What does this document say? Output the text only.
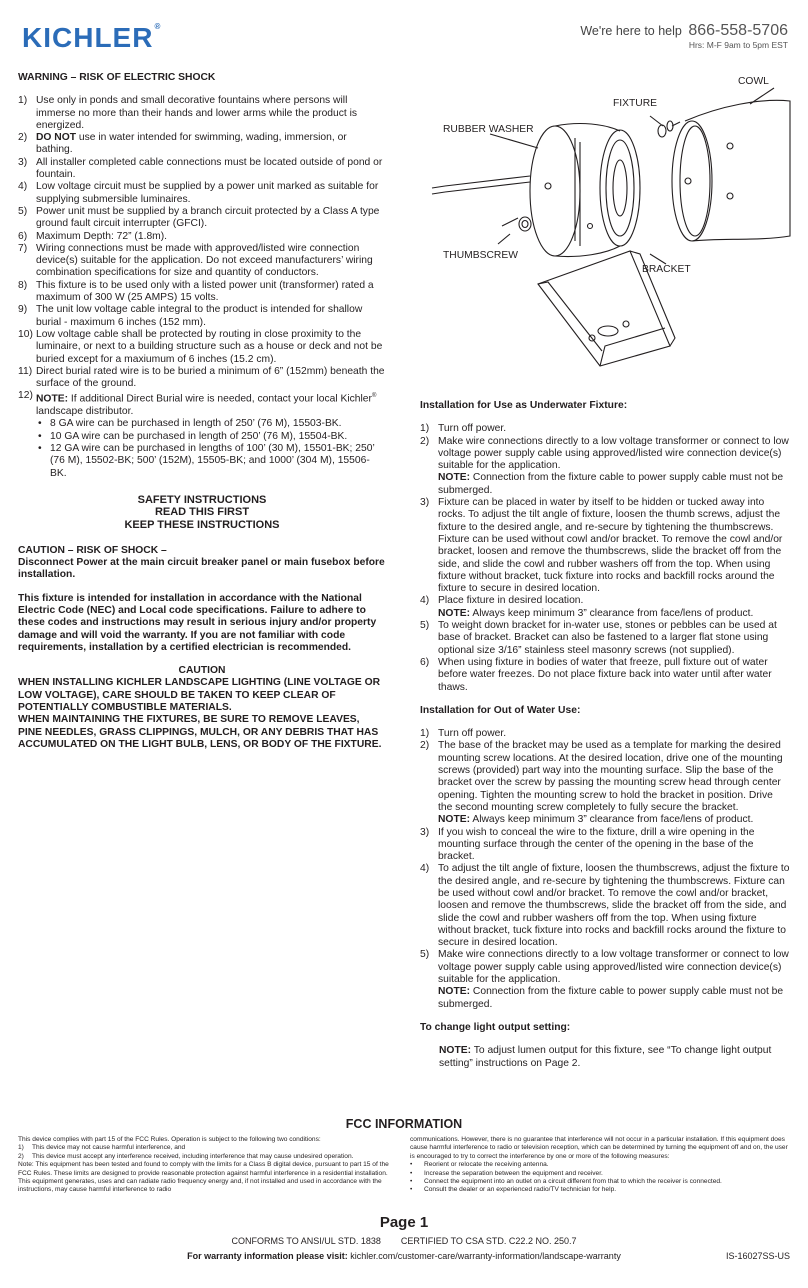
KICHLER®	We're here to help 866-558-5706
Hrs: M-F 9am to 5pm EST
WARNING – RISK OF ELECTRIC SHOCK
1) Use only in ponds and small decorative fountains where persons will immerse no more than their hands and lower arms while the product is energized.
2) DO NOT use in water intended for swimming, wading, immersion, or bathing.
3) All installer completed cable connections must be located outside of pond or fountain.
4) Low voltage circuit must be supplied by a power unit marked as suitable for supplying submersible luminaires.
5) Power unit must be supplied by a branch circuit protected by a Class A type ground fault circuit interrupter (GFCI).
6) Maximum Depth: 72” (1.8m).
7) Wiring connections must be made with approved/listed wire connection device(s) suitable for the application. Do not exceed manufacturers’ wiring combination specifications for size and quantity of conductors.
8) This fixture is to be used only with a listed power unit (transformer) rated a maximum of 300 W (25 AMPS) 15 volts.
9) The unit low voltage cable integral to the product is intended for shallow burial - maximum 6 inches (152 mm).
10) Low voltage cable shall be protected by routing in close proximity to the luminaire, or next to a building structure such as a house or deck and not be buried except for a maxiumum of 6 inches (15.2 cm).
11) Direct burial rated wire is to be buried a minimum of 6” (152mm) beneath the surface of the ground.
12) NOTE: If additional Direct Burial wire is needed, contact your local Kichler® landscape distributor.
• 8 GA wire can be purchased in length of 250’ (76 M), 15503-BK.
• 10 GA wire can be purchased in length of 250’ (76 M), 15504-BK.
• 12 GA wire can be purchased in lengths of 100’ (30 M), 15501-BK; 250’ (76 M), 15502-BK; 500’ (152M), 15505-BK; and 1000’ (304 M), 15506-BK.
SAFETY INSTRUCTIONS
READ THIS FIRST
KEEP THESE INSTRUCTIONS
CAUTION – RISK OF SHOCK –
Disconnect Power at the main circuit breaker panel or main fusebox before installation.
This fixture is intended for installation in accordance with the National Electric Code (NEC) and Local code specifications. Failure to adhere to these codes and instructions may result in serious injury and/or property damage and will void the warranty. If you are not familiar with code requirements, installation by a certified electrician is recommended.
CAUTION
WHEN INSTALLING KICHLER LANDSCAPE LIGHTING (LINE VOLTAGE OR LOW VOLTAGE), CARE SHOULD BE TAKEN TO KEEP CLEAR OF POTENTIALLY COMBUSTIBLE MATERIALS.
WHEN MAINTAINING THE FIXTURES, BE SURE TO REMOVE LEAVES, PINE NEEDLES, GRASS CLIPPINGS, MULCH, OR ANY DEBRIS THAT HAS ACCUMULATED ON THE LIGHT BULB, LENS, OR BODY OF THE FIXTURE.
COWL
FIXTURE
RUBBER WASHER
THUMBSCREW
BRACKET
Installation for Use as Underwater Fixture:
1) Turn off power.
2) Make wire connections directly to a low voltage transformer or connect to low voltage power supply cable using approved/listed wire connection device(s) suitable for the application.
NOTE: Connection from the fixture cable to power supply cable must not be submerged.
3) Fixture can be placed in water by itself to be hidden or tucked away into rocks. To adjust the tilt angle of fixture, loosen the thumb screws, adjust the fixture to the desired angle, and re-secure by tightening the thumbscrews. Fixture can be used without cowl and/or bracket. To remove the cowl and/or bracket, loosen and remove the thumbscrews, slide the bracket off from the side, and slide the cowl and rubber washers off from the top. When using fixture without bracket, tuck fixture into rocks and backfill rocks around the fixture to secure in desired location.
4) Place fixture in desired location.
NOTE: Always keep minimum 3” clearance from face/lens of product.
5) To weight down bracket for in-water use, stones or pebbles can be used at base of bracket. Bracket can also be fastened to a larger flat stone using optional size 3/16” stainless steel masonry screws (not supplied).
6) When using fixture in bodies of water that freeze, pull fixture out of water before water freezes. Do not place fixture back into water until after water thaws.
Installation for Out of Water Use:
1) Turn off power.
2) The base of the bracket may be used as a template for marking the desired mounting screw locations. At the desired location, drive one of the mounting screws (provided) part way into the mounting surface. Slip the base of the bracket over the screw by passing the mounting screw head through center opening. Tighten the mounting screw to hold the bracket in position. Drive the second mounting screw completely to fully secure the bracket.
NOTE: Always keep minimum 3” clearance from face/lens of product.
3) If you wish to conceal the wire to the fixture, drill a wire opening in the mounting surface through the center of the opening in the base of the bracket.
4) To adjust the tilt angle of fixture, loosen the thumbscrews, adjust the fixture to the desired angle, and re-secure by tightening the thumbscrews. Fixture can be used without cowl and/or bracket. To remove the cowl and/or bracket, loosen and remove the thumbscrews, slide the bracket off from the side, and slide the cowl and rubber washers off from the top. When using fixture without bracket, tuck fixture into rocks and backfill rocks around the fixture to secure in desired location.
5) Make wire connections directly to a low voltage transformer or connect to low voltage power supply cable using approved/listed wire connection device(s) suitable for the application.
NOTE: Connection from the fixture cable to power supply cable must not be submerged.
To change light output setting:
NOTE: To adjust lumen output for this fixture, see “To change light output setting” instructions on Page 2.
FCC INFORMATION
This device complies with part 15 of the FCC Rules. Operation is subject to the following two conditions:
1) This device may not cause harmful interference, and
2) This device must accept any interference received, including interference that may cause undesired operation.
Note: This equipment has been tested and found to comply with the limits for a Class B digital device, pursuant to part 15 of the FCC Rules. These limits are designed to provide reasonable protection against harmful interference in a residential installation. This equipment generates, uses and can radiate radio frequency energy and, if not installed and used in accordance with the instructions, may cause harmful interference to radio
communications. However, there is no guarantee that interference will not occur in a particular installation. If this equipment does cause harmful interference to radio or television reception, which can be determined by turning the equipment off and on, the user is encouraged to try to correct the interference by one or more of the following measures:
• Reorient or relocate the receiving antenna.
• Increase the separation between the equipment and receiver.
• Connect the equipment into an outlet on a circuit different from that to which the receiver is connected.
• Consult the dealer or an experienced radio/TV technician for help.
Page 1
CONFORMS TO ANSI/UL STD. 1838 CERTIFIED TO CSA STD. C22.2 NO. 250.7
For warranty information please visit: kichler.com/customer-care/warranty-information/landscape-warranty	IS-16027SS-US
